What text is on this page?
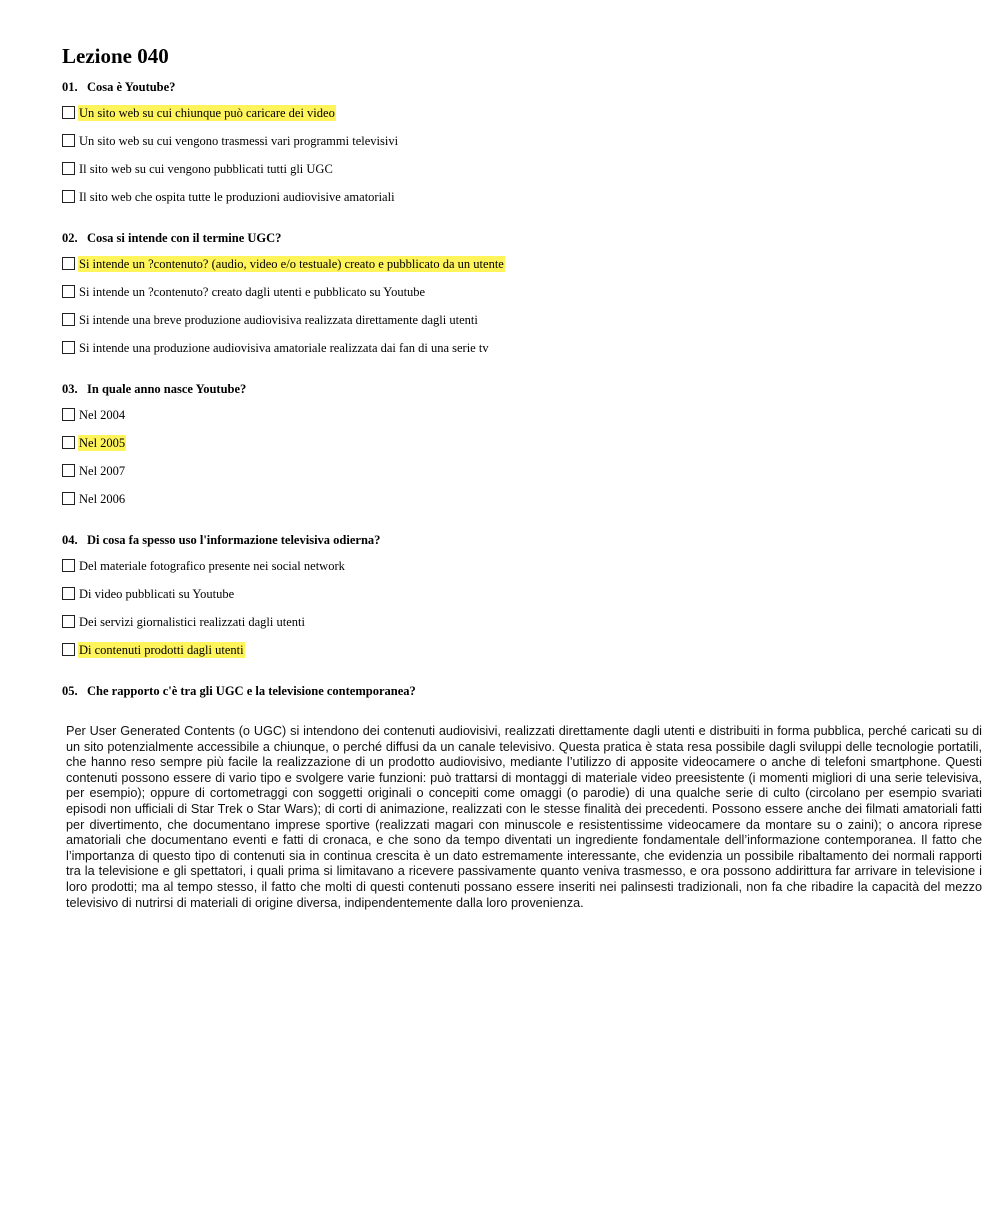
Lezione 040
01. Cosa è Youtube?
Un sito web su cui chiunque può caricare dei video
Un sito web su cui vengono trasmessi vari programmi televisivi
Il sito web su cui vengono pubblicati tutti gli UGC
Il sito web che ospita tutte le produzioni audiovisive amatoriali
02. Cosa si intende con il termine UGC?
Si intende un ?contenuto? (audio, video e/o testuale) creato e pubblicato da un utente
Si intende un ?contenuto? creato dagli utenti e pubblicato su Youtube
Si intende una breve produzione audiovisiva realizzata direttamente dagli utenti
Si intende una produzione audiovisiva amatoriale realizzata dai fan di una serie tv
03. In quale anno nasce Youtube?
Nel 2004
Nel 2005
Nel 2007
Nel 2006
04. Di cosa fa spesso uso l'informazione televisiva odierna?
Del materiale fotografico presente nei social network
Di video pubblicati su Youtube
Dei servizi giornalistici realizzati dagli utenti
Di contenuti prodotti dagli utenti
05. Che rapporto c'è tra gli UGC e la televisione contemporanea?

Per User Generated Contents (o UGC) si intendono dei contenuti audiovisivi, realizzati direttamente dagli utenti e distribuiti in forma pubblica, perché caricati su di un sito potenzialmente accessibile a chiunque, o perché diffusi da un canale televisivo. Questa pratica è stata resa possibile dagli sviluppi delle tecnologie portatili, che hanno reso sempre più facile la realizzazione di un prodotto audiovisivo, mediante l’utilizzo di apposite videocamere o anche di telefoni smartphone. Questi contenuti possono essere di vario tipo e svolgere varie funzioni: può trattarsi di montaggi di materiale video preesistente (i momenti migliori di una serie televisiva, per esempio); oppure di cortometraggi con soggetti originali o concepiti come omaggi (o parodie) di una qualche serie di culto (circolano per esempio svariati episodi non ufficiali di Star Trek o Star Wars); di corti di animazione, realizzati con le stesse finalità dei precedenti. Possono essere anche dei filmati amatoriali fatti per divertimento, che documentano imprese sportive (realizzati magari con minuscole e resistentissime videocamere da montare su o zaini); o ancora riprese amatoriali che documentano eventi e fatti di cronaca, e che sono da tempo diventati un ingrediente fondamentale dell’informazione contemporanea. Il fatto che l’importanza di questo tipo di contenuti sia in continua crescita è un dato estremamente interessante, che evidenzia un possibile ribaltamento dei normali rapporti tra la televisione e gli spettatori, i quali prima si limitavano a ricevere passivamente quanto veniva trasmesso, e ora possono addirittura far arrivare in televisione i loro prodotti; ma al tempo stesso, il fatto che molti di questi contenuti possano essere inseriti nei palinsesti tradizionali, non fa che ribadire la capacità del mezzo televisivo di nutrirsi di materiali di origine diversa, indipendentemente dalla loro provenienza.
